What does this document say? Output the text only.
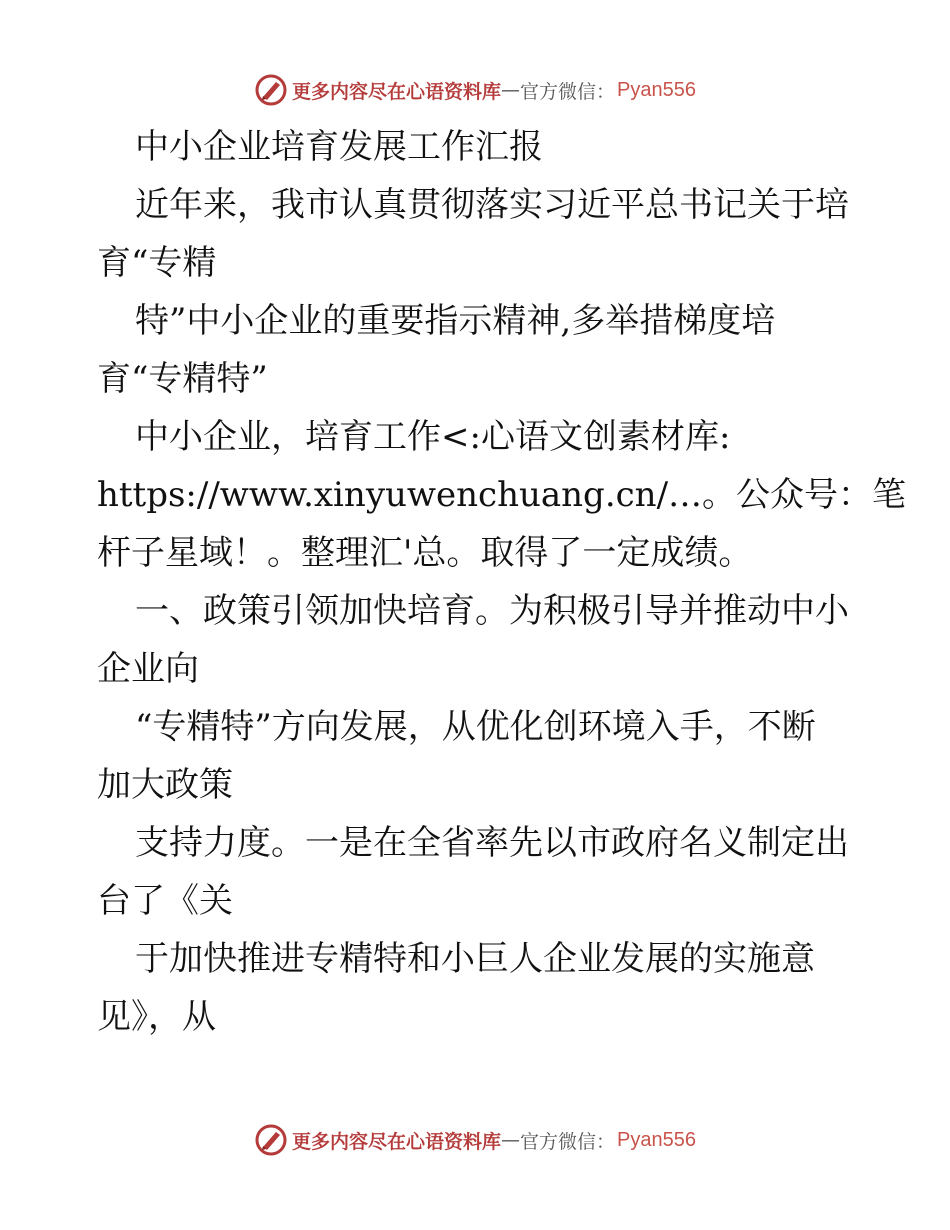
更多内容尽在心语资料库 — 官方微信： Pyan556
中小企业培育发展工作汇报
近年来，我市认真贯彻落实习近平总书记关于培
育“专精
特”中小企业的重要指示精神,多举措梯度培
育“专精特”
中小企业，培育工作<:心语文创素材库:
https://www.xinyuwenchuang.cn/…。公众号：笔
杆子星域！。整理汇'总。取得了一定成绩。
一、政策引领加快培育。为积极引导并推动中小
企业向
“专精特”方向发展，从优化创环境入手，不断
加大政策
支持力度。一是在全省率先以市政府名义制定出
台了《关
于加快推进专精特和小巨人企业发展的实施意
见》，从
更多内容尽在心语资料库 — 官方微信： Pyan556
